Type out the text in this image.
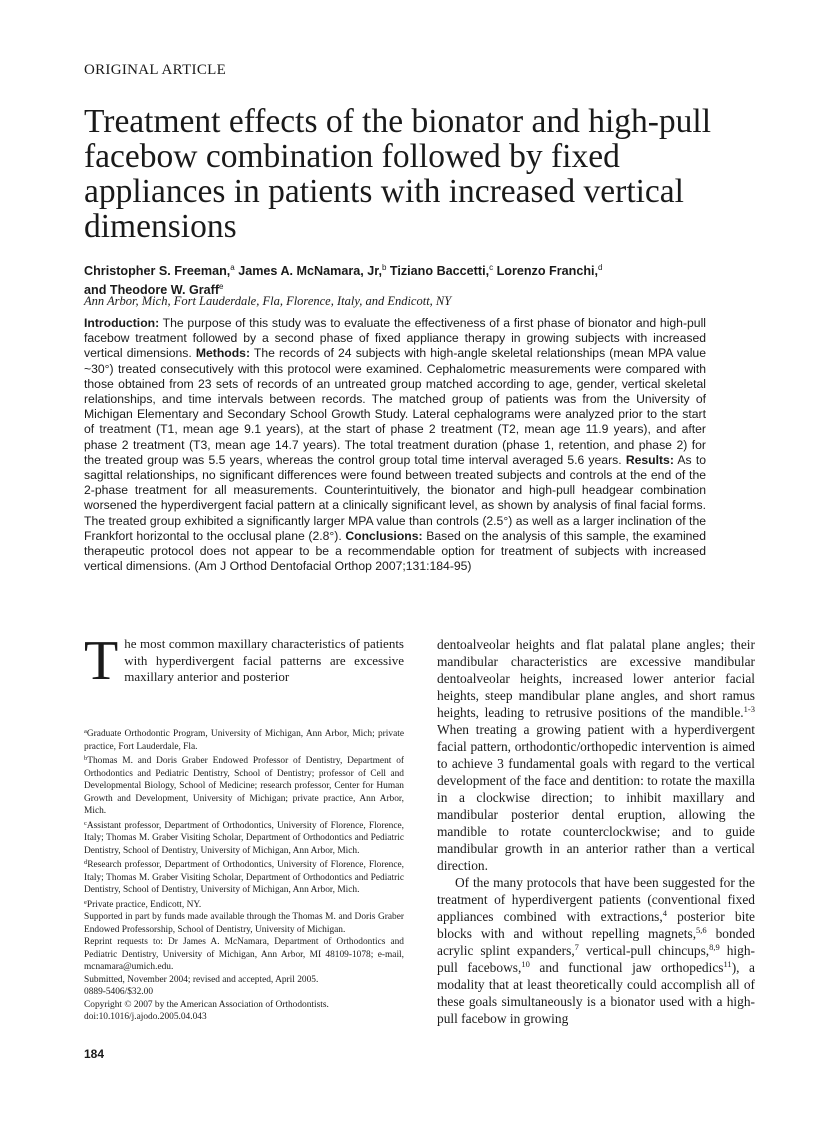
ORIGINAL ARTICLE
Treatment effects of the bionator and high-pull facebow combination followed by fixed appliances in patients with increased vertical dimensions
Christopher S. Freeman,$^a$ James A. McNamara, Jr,$^b$ Tiziano Baccetti,$^c$ Lorenzo Franchi,$^d$
and Theodore W. Graff$^e$
Ann Arbor, Mich, Fort Lauderdale, Fla, Florence, Italy, and Endicott, NY
Introduction: The purpose of this study was to evaluate the effectiveness of a first phase of bionator and high-pull facebow treatment followed by a second phase of fixed appliance therapy in growing subjects with increased vertical dimensions. Methods: The records of 24 subjects with high-angle skeletal relationships (mean MPA value ~30°) treated consecutively with this protocol were examined. Cephalometric measurements were compared with those obtained from 23 sets of records of an untreated group matched according to age, gender, vertical skeletal relationships, and time intervals between records. The matched group of patients was from the University of Michigan Elementary and Secondary School Growth Study. Lateral cephalograms were analyzed prior to the start of treatment (T1, mean age 9.1 years), at the start of phase 2 treatment (T2, mean age 11.9 years), and after phase 2 treatment (T3, mean age 14.7 years). The total treatment duration (phase 1, retention, and phase 2) for the treated group was 5.5 years, whereas the control group total time interval averaged 5.6 years. Results: As to sagittal relationships, no significant differences were found between treated subjects and controls at the end of the 2-phase treatment for all measurements. Counterintuitively, the bionator and high-pull headgear combination worsened the hyperdivergent facial pattern at a clinically significant level, as shown by analysis of final facial forms. The treated group exhibited a significantly larger MPA value than controls (2.5°) as well as a larger inclination of the Frankfort horizontal to the occlusal plane (2.8°). Conclusions: Based on the analysis of this sample, the examined therapeutic protocol does not appear to be a recommendable option for treatment of subjects with increased vertical dimensions. (Am J Orthod Dentofacial Orthop 2007;131:184-95)

The most common maxillary characteristics of patients with hyperdivergent facial patterns are excessive maxillary anterior and posterior

$^a$Graduate Orthodontic Program, University of Michigan, Ann Arbor, Mich; private practice, Fort Lauderdale, Fla.

$^b$Thomas M. and Doris Graber Endowed Professor of Dentistry, Department of Orthodontics and Pediatric Dentistry, School of Dentistry; professor of Cell and Developmental Biology, School of Medicine; research professor, Center for Human Growth and Development, University of Michigan; private practice, Ann Arbor, Mich.

$^c$Assistant professor, Department of Orthodontics, University of Florence, Florence, Italy; Thomas M. Graber Visiting Scholar, Department of Orthodontics and Pediatric Dentistry, School of Dentistry, University of Michigan, Ann Arbor, Mich.

$^d$Research professor, Department of Orthodontics, University of Florence, Florence, Italy; Thomas M. Graber Visiting Scholar, Department of Orthodontics and Pediatric Dentistry, School of Dentistry, University of Michigan, Ann Arbor, Mich.

$^e$Private practice, Endicott, NY.

Supported in part by funds made available through the Thomas M. and Doris Graber Endowed Professorship, School of Dentistry, University of Michigan.

Reprint requests to: Dr James A. McNamara, Department of Orthodontics and Pediatric Dentistry, University of Michigan, Ann Arbor, MI 48109-1078; e-mail, mcnamara@umich.edu.

Submitted, November 2004; revised and accepted, April 2005.

0889-5406/$32.00

Copyright © 2007 by the American Association of Orthodontists.

doi:10.1016/j.ajodo.2005.04.043

184

dentoalveolar heights and flat palatal plane angles; their mandibular characteristics are excessive mandibular dentoalveolar heights, increased lower anterior facial heights, steep mandibular plane angles, and short ramus heights, leading to retrusive positions of the mandible.$^{1-3}$ When treating a growing patient with a hyperdivergent facial pattern, orthodontic/orthopedic intervention is aimed to achieve 3 fundamental goals with regard to the vertical development of the face and dentition: to rotate the maxilla in a clockwise direction; to inhibit maxillary and mandibular posterior dental eruption, allowing the mandible to rotate counterclockwise; and to guide mandibular growth in an anterior rather than a vertical direction.

Of the many protocols that have been suggested for the treatment of hyperdivergent patients (conventional fixed appliances combined with extractions,$^4$ posterior bite blocks with and without repelling magnets,$^{5,6}$ bonded acrylic splint expanders,$^7$ vertical-pull chincups,$^{8,9}$ high-pull facebows,$^{10}$ and functional jaw orthopedics$^{11}$), a modality that at least theoretically could accomplish all of these goals simultaneously is a bionator used with a high-pull facebow in growing
